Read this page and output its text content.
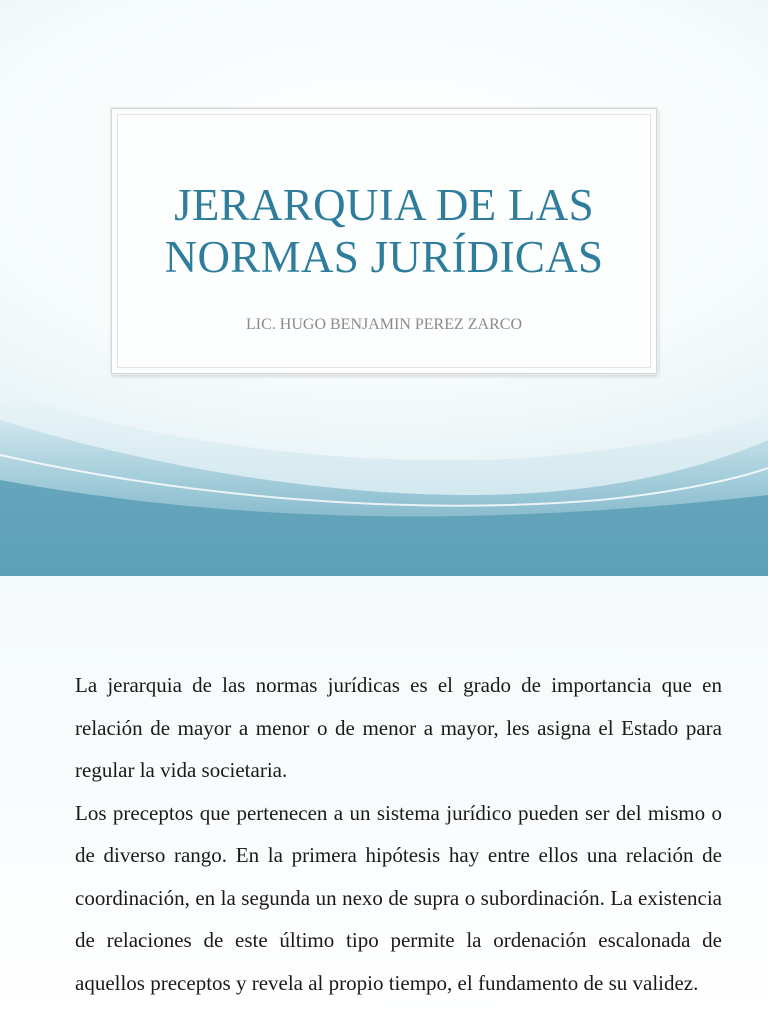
JERARQUIA DE LAS
NORMAS JURÍDICAS

LIC. HUGO BENJAMIN PEREZ ZARCO

La jerarquia de las normas jurídicas es el grado de importancia que en relación de mayor a menor o de menor a mayor, les asigna el Estado para regular la vida societaria.

Los preceptos que pertenecen a un sistema jurídico pueden ser del mismo o de diverso rango. En la primera hipótesis hay entre ellos una relación de coordinación, en la segunda un nexo de supra o subordinación. La existencia de relaciones de este último tipo permite la ordenación escalonada de aquellos preceptos y revela al propio tiempo, el fundamento de su validez.
